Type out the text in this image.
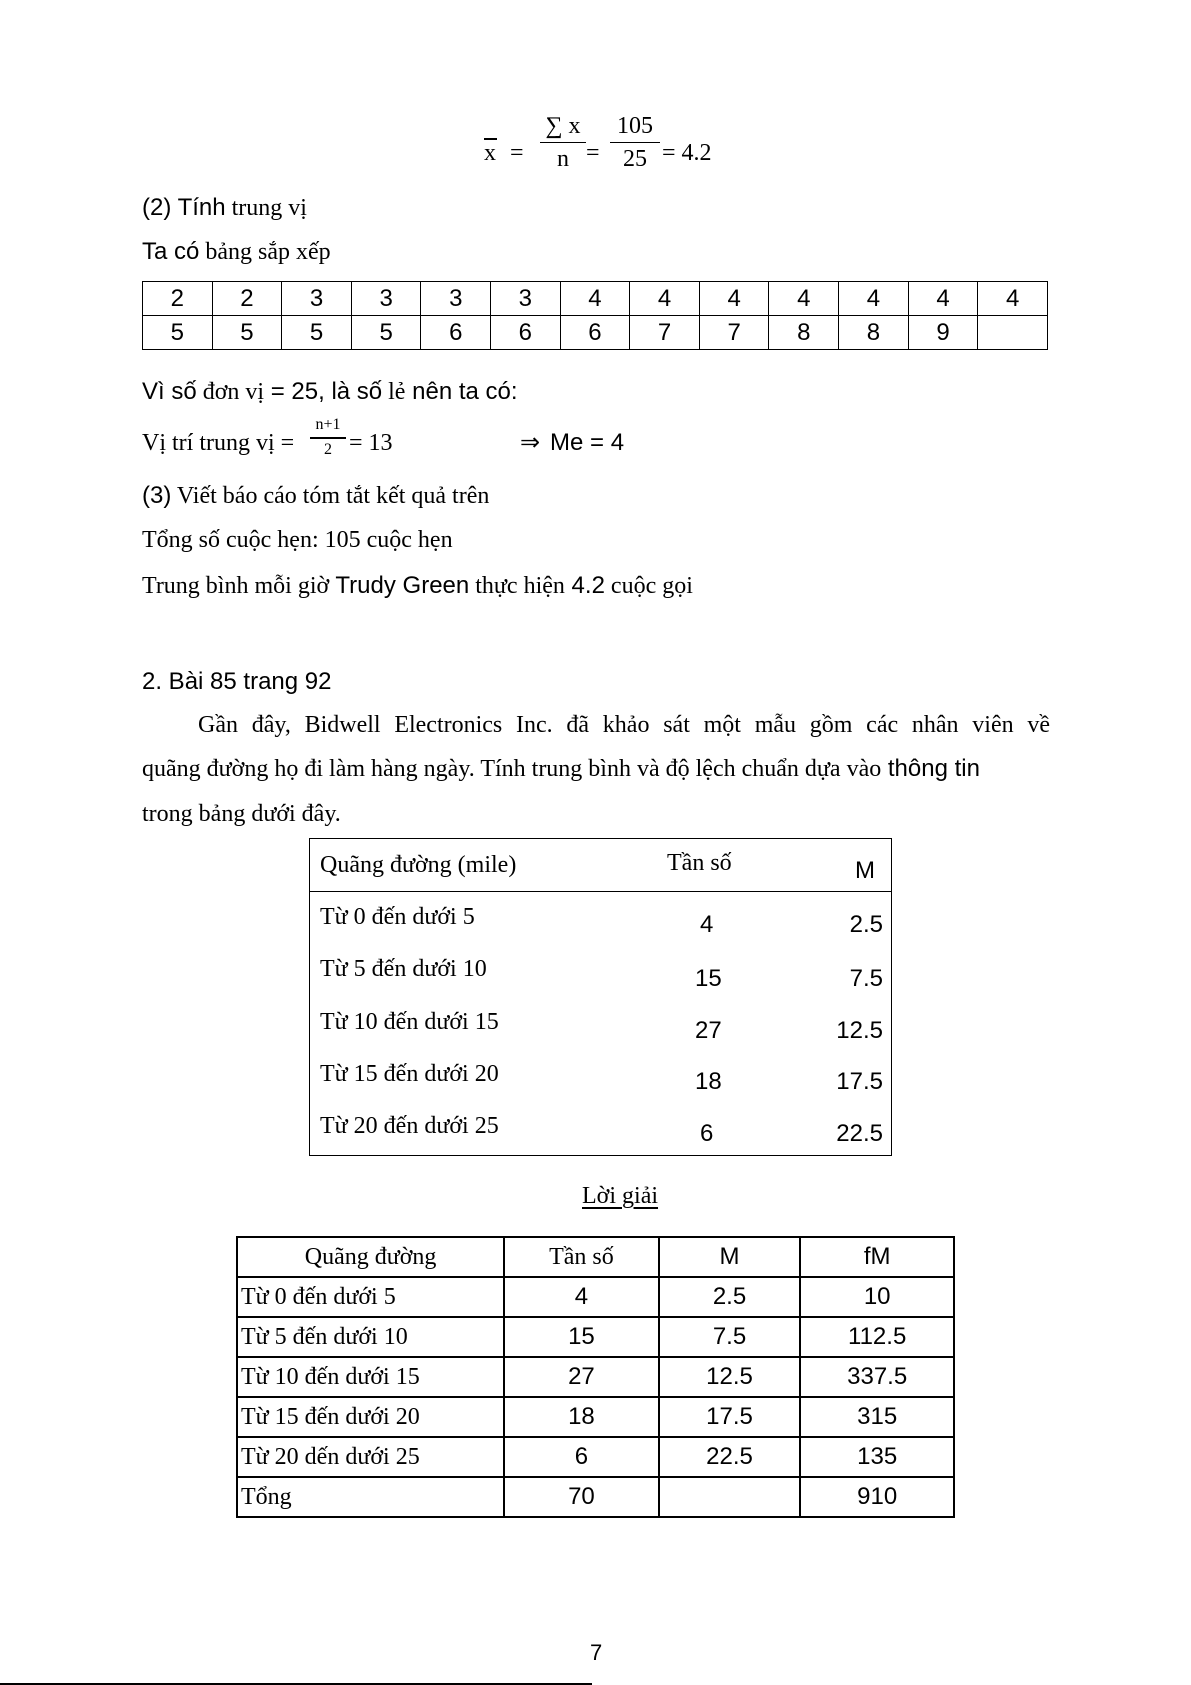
x =
∑ x
n =
105
25 = 4.2
(2) Tính trung vị
Ta có bảng sắp xếp
2	2	3	3	3	3	4	4	4	4	4	4	4
5	5	5	5	6	6	6	7	7	8	8	9	
Vì số đơn vị = 25, là số lẻ nên ta có:
Vị trí trung vị =
n+1
2 = 13	⇒ Me = 4
(3) Viết báo cáo tóm tắt kết quả trên
Tổng số cuộc hẹn: 105 cuộc hẹn
Trung bình mỗi giờ Trudy Green thực hiện 4.2 cuộc gọi
2. Bài 85 trang 92
Gần đây, Bidwell Electronics Inc. đã khảo sát một mẫu gồm các nhân viên về
quãng đường họ đi làm hàng ngày. Tính trung bình và độ lệch chuẩn dựa vào thông tin
trong bảng dưới đây.
Quãng đường (mile)	Tần số	M
Từ 0 đến dưới 5	4	2.5
Từ 5 đến dưới 10	15	7.5
Từ 10 đến dưới 15	27	12.5
Từ 15 đến dưới 20	18	17.5
Từ 20 đến dưới 25	6	22.5
Lời giải
Quãng đường	Tần số	M	fM
Từ 0 đến dưới 5	4	2.5	10
Từ 5 đến dưới 10	15	7.5	112.5
Từ 10 đến dưới 15	27	12.5	337.5
Từ 15 đến dưới 20	18	17.5	315
Từ 20 dến dưới 25	6	22.5	135
Tổng	70		910
7
